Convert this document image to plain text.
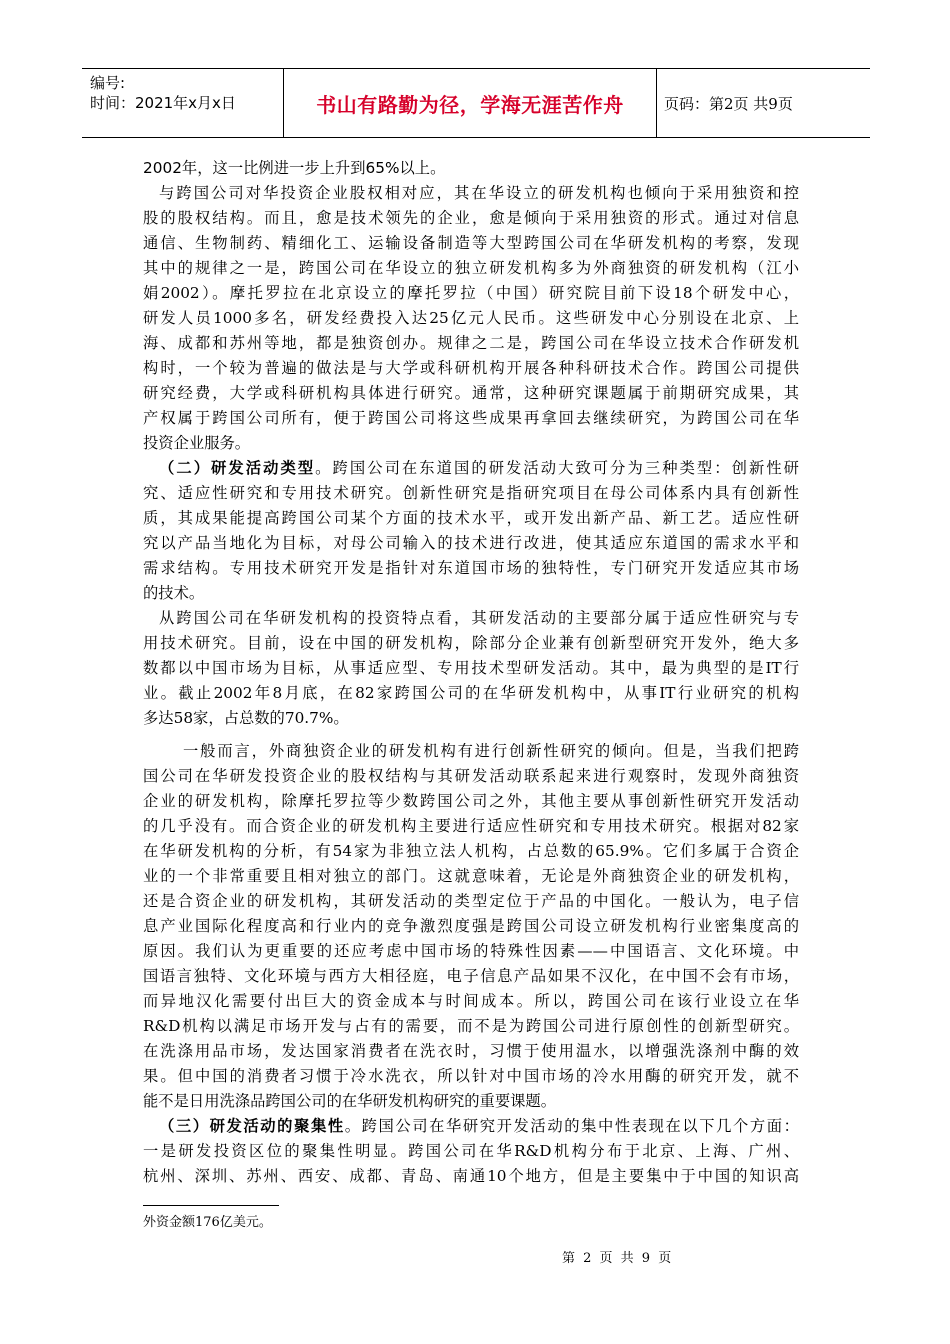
编号:
时间：2021年x月x日	书山有路勤为径，学海无涯苦作舟	页码：第2页 共9页

2002年，这一比例进一步上升到65%以上。

与跨国公司对华投资企业股权相对应，其在华设立的研发机构也倾向于采用独资和控
股的股权结构。而且，愈是技术领先的企业，愈是倾向于采用独资的形式。通过对信息
通信、生物制药、精细化工、运输设备制造等大型跨国公司在华研发机构的考察，发现
其中的规律之一是，跨国公司在华设立的独立研发机构多为外商独资的研发机构（江小
娟2002）。摩托罗拉在北京设立的摩托罗拉（中国）研究院目前下设18个研发中心，
研发人员1000多名，研发经费投入达25亿元人民币。这些研发中心分别设在北京、上
海、成都和苏州等地，都是独资创办。规律之二是，跨国公司在华设立技术合作研发机
构时，一个较为普遍的做法是与大学或科研机构开展各种科研技术合作。跨国公司提供
研究经费，大学或科研机构具体进行研究。通常，这种研究课题属于前期研究成果，其
产权属于跨国公司所有，便于跨国公司将这些成果再拿回去继续研究，为跨国公司在华
投资企业服务。

（二）研发活动类型。跨国公司在东道国的研发活动大致可分为三种类型：创新性研
究、适应性研究和专用技术研究。创新性研究是指研究项目在母公司体系内具有创新性
质，其成果能提高跨国公司某个方面的技术水平，或开发出新产品、新工艺。适应性研
究以产品当地化为目标，对母公司输入的技术进行改进，使其适应东道国的需求水平和
需求结构。专用技术研究开发是指针对东道国市场的独特性，专门研究开发适应其市场
的技术。

从跨国公司在华研发机构的投资特点看，其研发活动的主要部分属于适应性研究与专
用技术研究。目前，设在中国的研发机构，除部分企业兼有创新型研究开发外，绝大多
数都以中国市场为目标，从事适应型、专用技术型研发活动。其中，最为典型的是IT行
业。截止2002年8月底，在82家跨国公司的在华研发机构中，从事IT行业研究的机构
多达58家，占总数的70.7%。

一般而言，外商独资企业的研发机构有进行创新性研究的倾向。但是，当我们把跨
国公司在华研发投资企业的股权结构与其研发活动联系起来进行观察时，发现外商独资
企业的研发机构，除摩托罗拉等少数跨国公司之外，其他主要从事创新性研究开发活动
的几乎没有。而合资企业的研发机构主要进行适应性研究和专用技术研究。根据对82家
在华研发机构的分析，有54家为非独立法人机构，占总数的65.9%。它们多属于合资企
业的一个非常重要且相对独立的部门。这就意味着，无论是外商独资企业的研发机构，
还是合资企业的研发机构，其研发活动的类型定位于产品的中国化。一般认为，电子信
息产业国际化程度高和行业内的竞争激烈度强是跨国公司设立研发机构行业密集度高的
原因。我们认为更重要的还应考虑中国市场的特殊性因素——中国语言、文化环境。中
国语言独特、文化环境与西方大相径庭，电子信息产品如果不汉化，在中国不会有市场，
而异地汉化需要付出巨大的资金成本与时间成本。所以，跨国公司在该行业设立在华
R&D机构以满足市场开发与占有的需要，而不是为跨国公司进行原创性的创新型研究。
在洗涤用品市场，发达国家消费者在洗衣时，习惯于使用温水，以增强洗涤剂中酶的效
果。但中国的消费者习惯于冷水洗衣，所以针对中国市场的冷水用酶的研究开发，就不
能不是日用洗涤品跨国公司的在华研发机构研究的重要课题。

（三）研发活动的聚集性。跨国公司在华研究开发活动的集中性表现在以下几个方面：
一是研发投资区位的聚集性明显。跨国公司在华R&D机构分布于北京、上海、广州、
杭州、深圳、苏州、西安、成都、青岛、南通10个地方，但是主要集中于中国的知识高

外资金额176亿美元。
第 2 页 共 9 页
